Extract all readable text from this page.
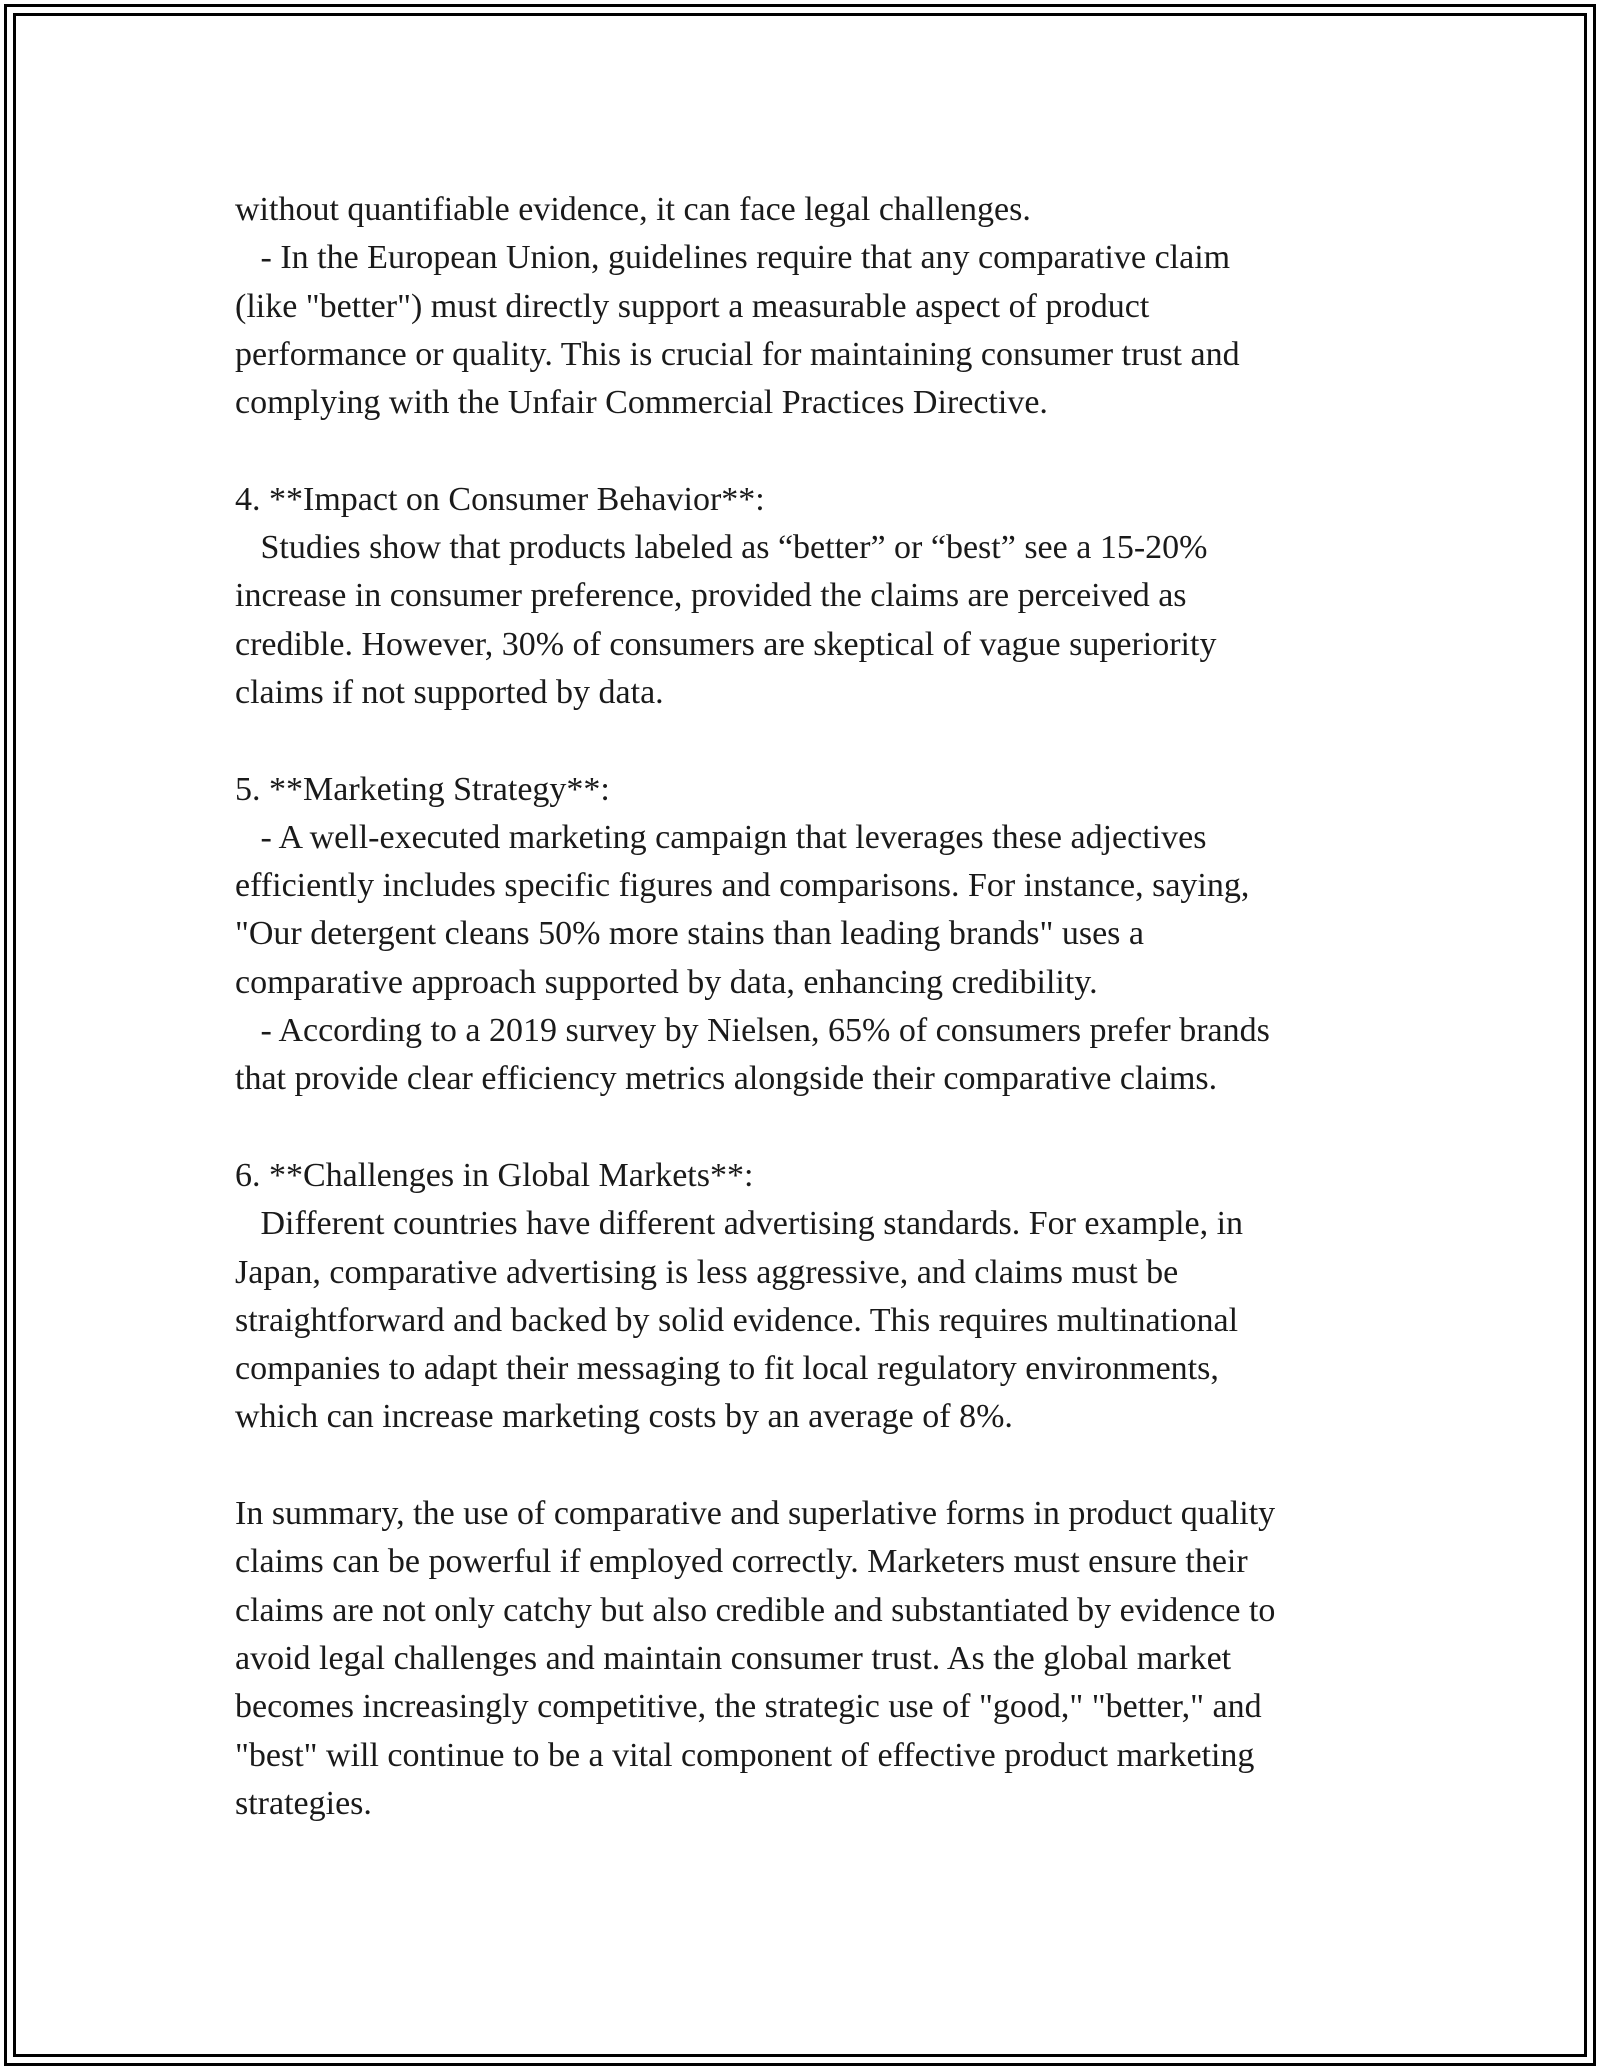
without quantifiable evidence, it can face legal challenges.
- In the European Union, guidelines require that any comparative claim
(like "better") must directly support a measurable aspect of product
performance or quality. This is crucial for maintaining consumer trust and
complying with the Unfair Commercial Practices Directive.
4. **Impact on Consumer Behavior**:
Studies show that products labeled as “better” or “best” see a 15-20%
increase in consumer preference, provided the claims are perceived as
credible. However, 30% of consumers are skeptical of vague superiority
claims if not supported by data.
5. **Marketing Strategy**:
- A well-executed marketing campaign that leverages these adjectives
efficiently includes specific figures and comparisons. For instance, saying,
"Our detergent cleans 50% more stains than leading brands" uses a
comparative approach supported by data, enhancing credibility.
- According to a 2019 survey by Nielsen, 65% of consumers prefer brands
that provide clear efficiency metrics alongside their comparative claims.
6. **Challenges in Global Markets**:
Different countries have different advertising standards. For example, in
Japan, comparative advertising is less aggressive, and claims must be
straightforward and backed by solid evidence. This requires multinational
companies to adapt their messaging to fit local regulatory environments,
which can increase marketing costs by an average of 8%.
In summary, the use of comparative and superlative forms in product quality
claims can be powerful if employed correctly. Marketers must ensure their
claims are not only catchy but also credible and substantiated by evidence to
avoid legal challenges and maintain consumer trust. As the global market
becomes increasingly competitive, the strategic use of "good," "better," and
"best" will continue to be a vital component of effective product marketing
strategies.
